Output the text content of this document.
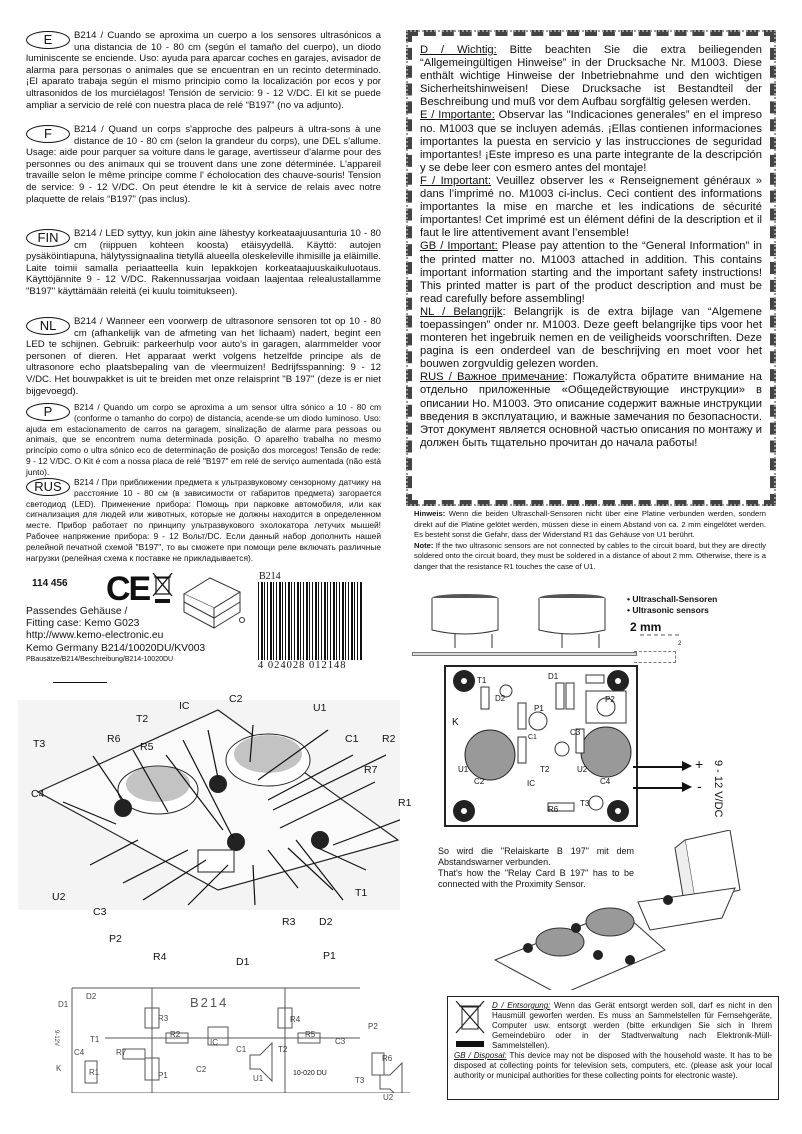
E	B214 / Cuando se aproxima un cuerpo a los sensores ultrasónicos a una distancia de 10 - 80 cm (según el tamaño del cuerpo), un diodo luminiscente se enciende. Uso: ayuda para aparcar coches en garajes, avisador de alarma para personas o animales que se encuentran en un recinto determinado. ¡El aparato trabaja según el mismo principio como la localización por ecos y por ultrasonidos de los murciélagos! Tensión de servicio: 9 - 12 V/DC. El kit se puede ampliar a servicio de relé con nuestra placa de relé “B197” (no va adjunto).
F	B214 / Quand un corps s'approche des palpeurs à ultra-sons à une distance de 10 - 80 cm (selon la grandeur du corps), une DEL s'allume. Usage: aide pour parquer sa voiture dans le garage, avertisseur d'alarme pour des personnes ou des animaux qui se trouvent dans une zone déterminée. L'appareil travaille selon le même principe comme l' écholocation des chauve-souris! Tension de service: 9 - 12 V/DC. On peut étendre le kit à service de relais avec notre plaquette de relais “B197” (pas inclus).
FIN	B214 / LED syttyy, kun jokin aine lähestyy korkeataajuusanturia 10 - 80 cm (riippuen kohteen koosta) etäisyydellä. Käyttö: autojen pysäköintiapuna, hälytyssignaalina tietyllä alueella oleskeleville ihmisille ja eläimille. Laite toimii samalla periaatteella kuin lepakkojen korkeataajuuskaikuluotaus. Käyttöjännite 9 - 12 V/DC. Rakennussarjaa voidaan laajentaa relealustallamme "B197" käyttämään releitä (ei kuulu toimitukseen).
NL	B214 / Wanneer een voorwerp de ultrasonore sensoren tot op 10 - 80 cm (afhankelijk van de afmeting van het lichaam) nadert, begint een LED te schijnen. Gebruik: parkeerhulp voor auto's in garagen, alarmmelder voor personen of dieren. Het apparaat werkt volgens hetzelfde principe als de ultrasonore echo plaatsbepaling van de vleermuizen! Bedrijfsspanning: 9 - 12 V/DC. Het bouwpakket is uit te breiden met onze relaisprint "B 197" (deze is er niet bijgevoegd).
P	B214 / Quando um corpo se aproxima a um sensor ultra sónico a 10 - 80 cm (conforme o tamanho do corpo) de distancia, acende-se um diodo luminoso. Uso: ajuda em estacionamento de carros na garagem, sinalização de alarme para pessoas ou animais, que se encontrem numa determinada posição. O aparelho trabalha no mesmo princípio como o ultra sónico eco de determinação de posição dos morcegos! Tensão de rede: 9 - 12 V/DC. O Kit é com a nossa placa de relé "B197" em relé de serviço aumentada (não está junto).
RUS	B214 / При приближении предмета к ультразвуковому сензорному датчику на расстояние 10 - 80 см (в зависимости от габаритов предмета) загорается светодиод (LED). Применение прибора: Помощь при парковке автомобиля, или как сигнализация для людей или животных, которые не должны находится в определенном месте. Прибор работает по принципу ультразвукового эхолокатора летучих мышей! Рабочее напряжение прибора: 9 - 12 Вольт/DC. Если данный набор дополнить нашей релейной печатной схемой "B197", то вы сможете при помощи реле включать различные нагрузки (релейная схема к поставке не прикладывается).
114 456 CE
Passendes Gehäuse /
Fitting case: Kemo G023
http://www.kemo-electronic.eu
Kemo Germany B214/10020DU/KV003
PBausätze/B214/Beschreibung/B214-10020DU
B214
4 024028 012148
T3	R6
R5
T2
IC
C2
U1
C1 R2
R7
R1
C4
U2
C3
P2
R4	D1
R3 D2
P1
T1
B214
10-020 DU
D2
D1
T1
C4
R1
R7
R3
P1
R2
C2
IC
C1
U1
R4
R5
T2
C3
P2
R6
T3
U2
K
9-12V
D / Wichtig: Bitte beachten Sie die extra beiliegenden “Allgemeingültigen Hinweise” in der Drucksache Nr. M1003. Diese enthält wichtige Hinweise der Inbetriebnahme und den wichtigen Sicherheitshinweisen! Diese Drucksache ist Bestandteil der Beschreibung und muß vor dem Aufbau sorgfältig gelesen werden.
E / Importante: Observar las "Indicaciones generales” en el impreso no. M1003 que se incluyen además. ¡Ellas contienen informaciones importantes la puesta en servicio y las instrucciones de seguridad importantes! ¡Este impreso es una parte integrante de la descripción y se debe leer con esmero antes del montaje!
F / Important: Veuillez observer les « Renseignement généraux » dans l’imprimé no. M1003 ci-inclus. Ceci contient des informations importantes la mise en marche et les indications de sécurité importantes! Cet imprimé est un élément défini de la description et il faut le lire attentivement avant l’ensemble!
GB / Important: Please pay attention to the “General Information” in the printed matter no. M1003 attached in addition. This contains important information starting and the important safety instructions! This printed matter is part of the product description and must be read carefully before assembling!
NL / Belangrijk: Belangrijk is de extra bijlage van “Algemene toepassingen” onder nr. M1003. Deze geeft belangrijke tips voor het monteren het ingebruik nemen en de veiligheids voorschriften. Deze pagina is een onderdeel van de beschrijving en moet voor het bouwen zorgvuldig gelezen worden.
RUS / Важное примечание: Пожалуйста обратите внимание на отдельно приложенные «Общедействующие инструкции» в описании Но. M1003. Это описание содержит важные инструкции введения в эксплуатацию, и важные замечания по безопасности. Этот документ является основной частью описания по монтажу и должен быть тщательно прочитан до начала работы!
Hinweis: Wenn die beiden Ultraschall-Sensoren nicht über eine Platine verbunden werden, sondern direkt auf die Platine gelötet werden, müssen diese in einem Abstand von ca. 2 mm eingelötet werden. Es besteht sonst die Gefahr, dass der Widerstand R1 das Gehäuse von U1 berührt.
Note: If the two ultrasonic sensors are not connected by cables to the circuit board, but they are directly soldered onto the circuit board, they must be soldered in a distance of about 2 mm. Otherwise, there is a danger that the resistance R1 touches the case of U1.
2
• Ultraschall-Sensoren
• Ultrasonic sensors
2 mm
T1
D2
D1
P1
P2
K
C1
C3
T2
U1	U2
C2	IC	C4
R6
T3
+
- 9 - 12 V/DC
So wird die "Relaiskarte B 197" mit dem Abstandswarner verbunden.
That's how the "Relay Card B 197" has to be connected with the Proximity Sensor.
D / Entsorgung: Wenn das Gerät entsorgt werden soll, darf es nicht in den Hausmüll geworfen werden. Es muss an Sammelstellen für Fernsehgeräte, Computer usw. entsorgt werden (bitte erkundigen Sie sich in Ihrem Gemeindebüro oder in der Stadtverwaltung nach Elektronik-Müll-Sammelstellen).
GB / Disposal: This device may not be disposed with the household waste. It has to be disposed at collecting points for television sets, computers, etc. (please ask your local authority or municipal authorities for these collecting points for electronic waste).
